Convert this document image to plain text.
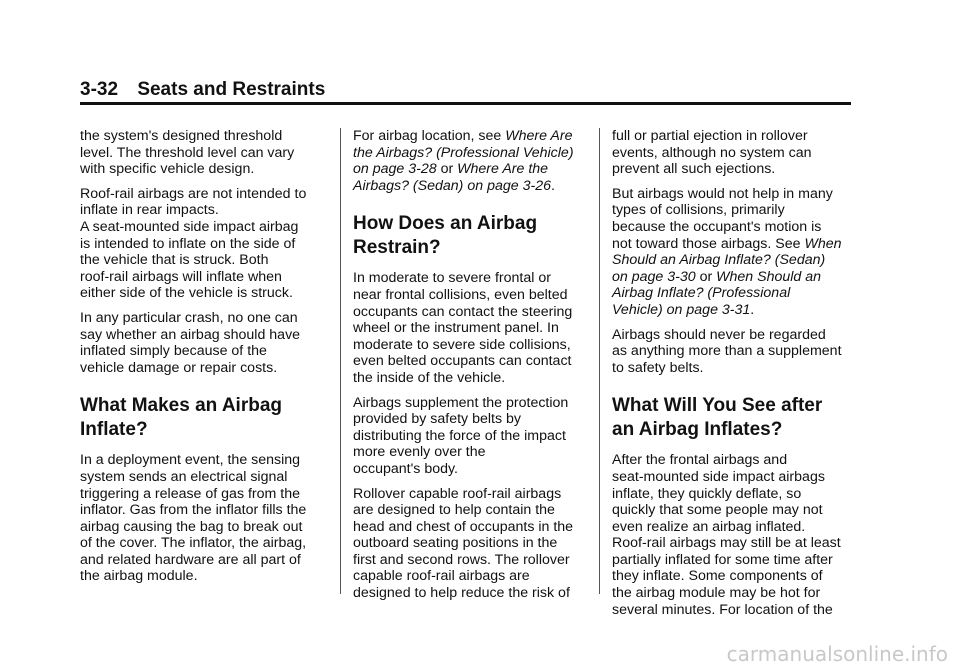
3-32 Seats and Restraints

the system's designed threshold
level. The threshold level can vary
with specific vehicle design.

Roof-rail airbags are not intended to
inflate in rear impacts.

A seat-mounted side impact airbag
is intended to inflate on the side of
the vehicle that is struck. Both
roof-rail airbags will inflate when
either side of the vehicle is struck.

In any particular crash, no one can
say whether an airbag should have
inflated simply because of the
vehicle damage or repair costs.

What Makes an Airbag
Inflate?

In a deployment event, the sensing
system sends an electrical signal
triggering a release of gas from the
inflator. Gas from the inflator fills the
airbag causing the bag to break out
of the cover. The inflator, the airbag,
and related hardware are all part of
the airbag module.

For airbag location, see Where Are
the Airbags? (Professional Vehicle)
on page 3-28 or Where Are the
Airbags? (Sedan) on page 3-26.

How Does an Airbag
Restrain?

In moderate to severe frontal or
near frontal collisions, even belted
occupants can contact the steering
wheel or the instrument panel. In
moderate to severe side collisions,
even belted occupants can contact
the inside of the vehicle.

Airbags supplement the protection
provided by safety belts by
distributing the force of the impact
more evenly over the
occupant's body.

Rollover capable roof-rail airbags
are designed to help contain the
head and chest of occupants in the
outboard seating positions in the
first and second rows. The rollover
capable roof-rail airbags are
designed to help reduce the risk of

full or partial ejection in rollover
events, although no system can
prevent all such ejections.

But airbags would not help in many
types of collisions, primarily
because the occupant's motion is
not toward those airbags. See When
Should an Airbag Inflate? (Sedan)
on page 3-30 or When Should an
Airbag Inflate? (Professional
Vehicle) on page 3-31.

Airbags should never be regarded
as anything more than a supplement
to safety belts.

What Will You See after
an Airbag Inflates?

After the frontal airbags and
seat-mounted side impact airbags
inflate, they quickly deflate, so
quickly that some people may not
even realize an airbag inflated.
Roof-rail airbags may still be at least
partially inflated for some time after
they inflate. Some components of
the airbag module may be hot for
several minutes. For location of the

carmanualsonline.info
